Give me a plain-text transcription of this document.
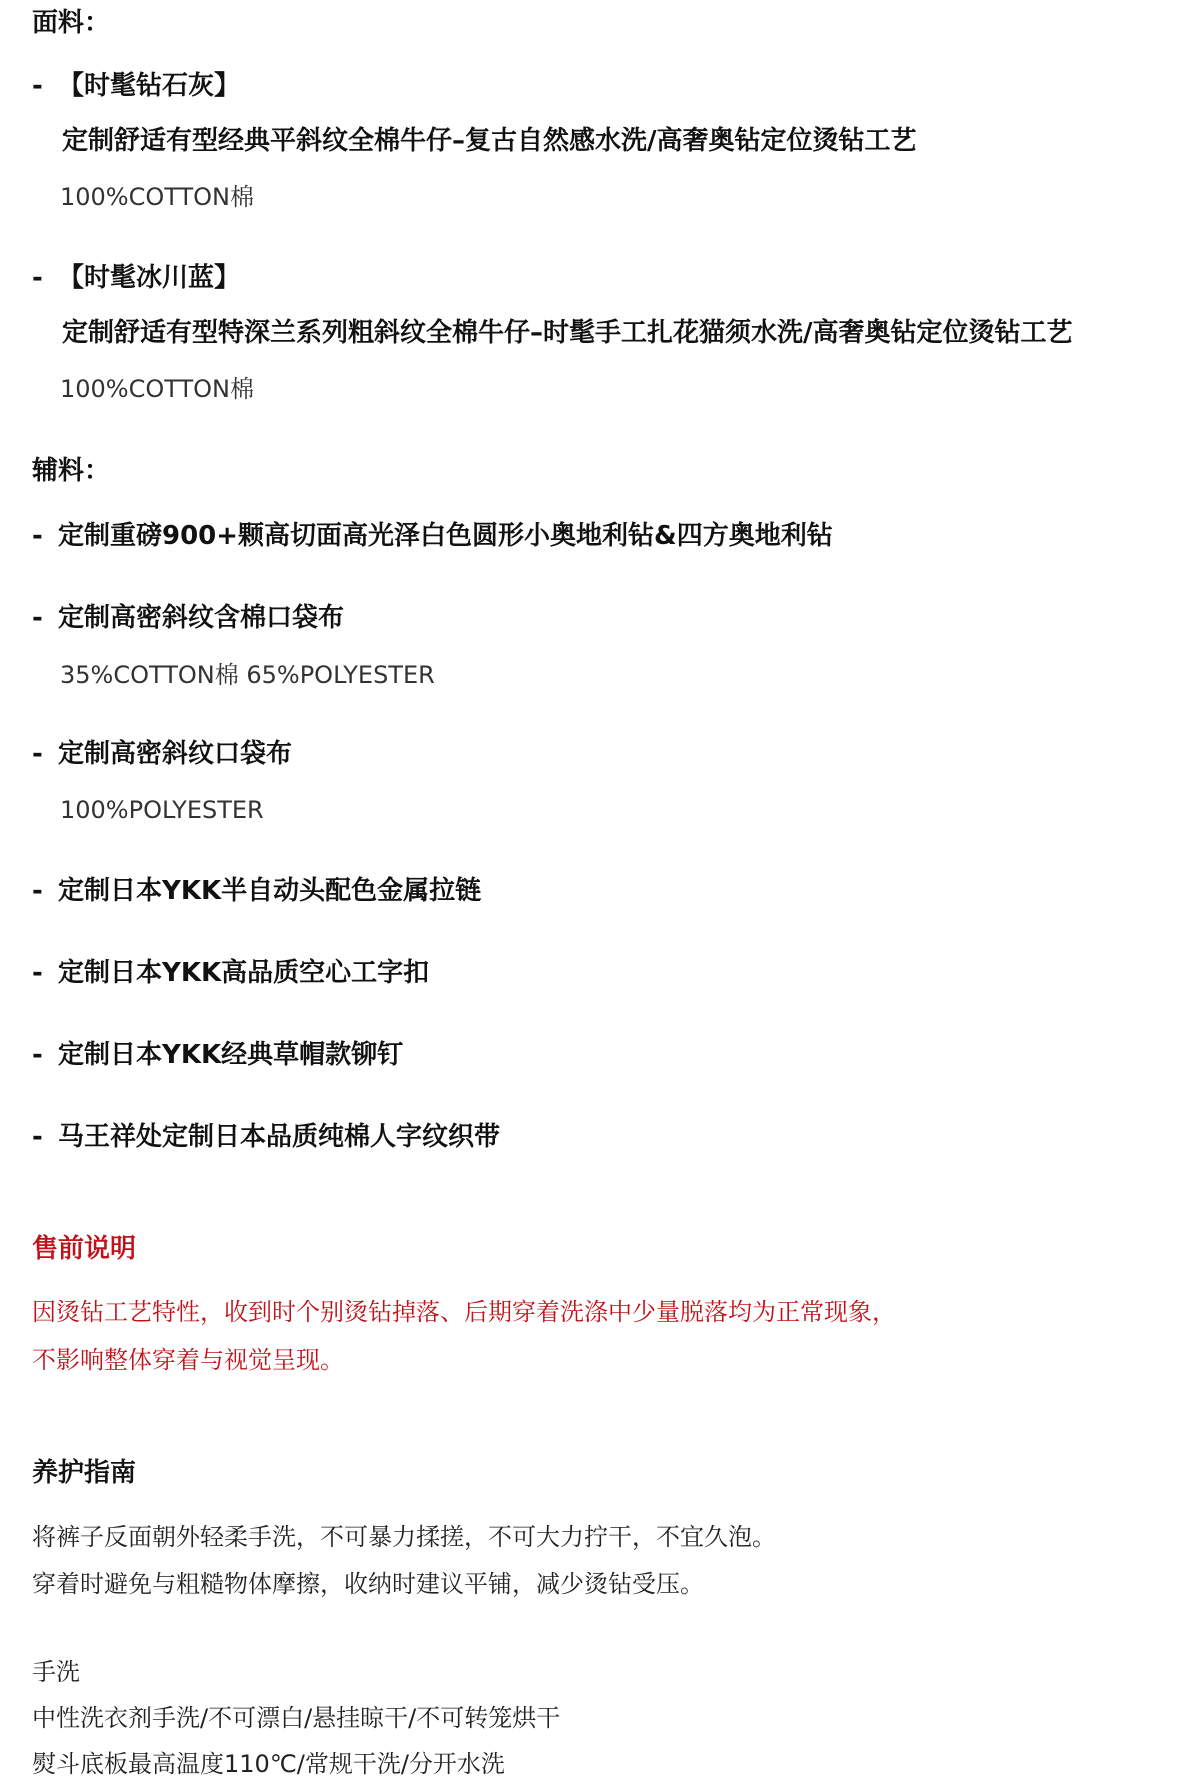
面料：
- 【时髦钻石灰】
定制舒适有型经典平斜纹全棉牛仔–复古自然感水洗/高奢奥钻定位烫钻工艺
100%COTTON棉
- 【时髦冰川蓝】
定制舒适有型特深兰系列粗斜纹全棉牛仔–时髦手工扎花猫须水洗/高奢奥钻定位烫钻工艺
100%COTTON棉
辅料：
- 定制重磅900+颗高切面高光泽白色圆形小奥地利钻&四方奥地利钻
- 定制高密斜纹含棉口袋布
35%COTTON棉 65%POLYESTER
- 定制高密斜纹口袋布
100%POLYESTER
- 定制日本YKK半自动头配色金属拉链
- 定制日本YKK高品质空心工字扣
- 定制日本YKK经典草帽款铆钉
- 马王祥处定制日本品质纯棉人字纹织带
售前说明
因烫钻工艺特性，收到时个别烫钻掉落、后期穿着洗涤中少量脱落均为正常现象，
不影响整体穿着与视觉呈现。
养护指南
将裤子反面朝外轻柔手洗，不可暴力揉搓，不可大力拧干，不宜久泡。
穿着时避免与粗糙物体摩擦，收纳时建议平铺，减少烫钻受压。
手洗
中性洗衣剂手洗/不可漂白/悬挂晾干/不可转笼烘干
熨斗底板最高温度110℃/常规干洗/分开水洗
